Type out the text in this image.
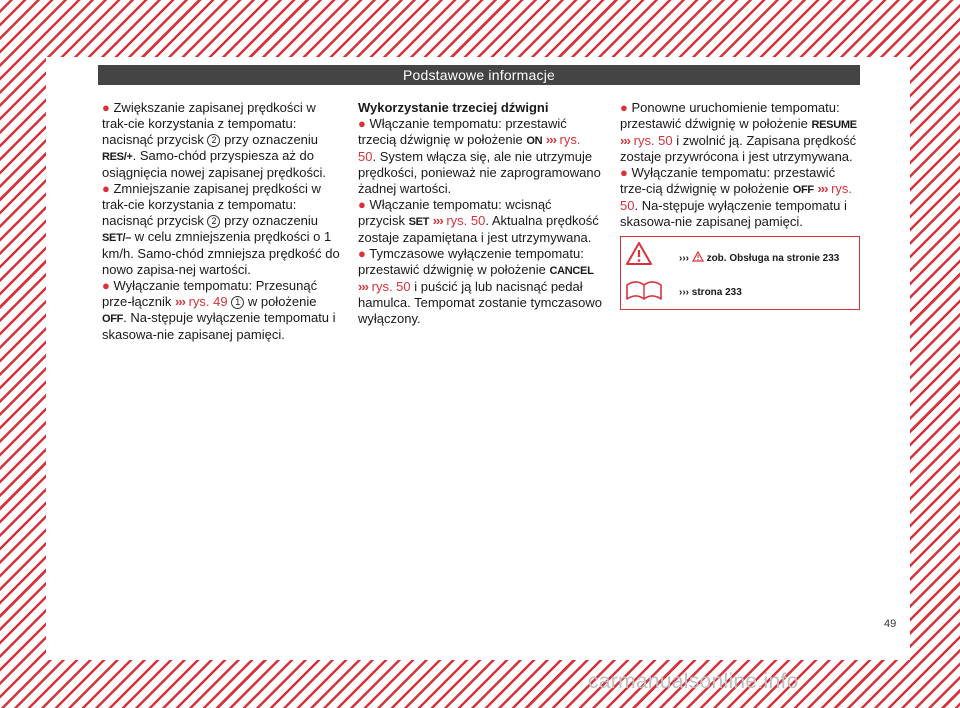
Podstawowe informacje

● Zwiększanie zapisanej prędkości w trak-cie korzystania z tempomatu: nacisnąć przycisk 2 przy oznaczeniu RES/+. Samo-chód przyspiesza aż do osiągnięcia nowej zapisanej prędkości.

● Zmniejszanie zapisanej prędkości w trak-cie korzystania z tempomatu: nacisnąć przycisk 2 przy oznaczeniu SET/– w celu zmniejszenia prędkości o 1 km/h. Samo-chód zmniejsza prędkość do nowo zapisa-nej wartości.

● Wyłączanie tempomatu: Przesunąć prze-łącznik ››› rys. 49 1 w położenie OFF. Na-stępuje wyłączenie tempomatu i skasowa-nie zapisanej pamięci.

Wykorzystanie trzeciej dźwigni

● Włączanie tempomatu: przestawić trzecią dźwignię w położenie ON ››› rys. 50. System włącza się, ale nie utrzymuje prędkości, ponieważ nie zaprogramowano żadnej wartości.

● Włączanie tempomatu: wcisnąć przycisk SET ››› rys. 50. Aktualna prędkość zostaje zapamiętana i jest utrzymywana.

● Tymczasowe wyłączenie tempomatu: przestawić dźwignię w położenie CANCEL ››› rys. 50 i puścić ją lub nacisnąć pedał hamulca. Tempomat zostanie tymczasowo wyłączony.

● Ponowne uruchomienie tempomatu: przestawić dźwignię w położenie RESUME ››› rys. 50 i zwolnić ją. Zapisana prędkość zostaje przywrócona i jest utrzymywana.

● Wyłączanie tempomatu: przestawić trze-cią dźwignię w położenie OFF ››› rys. 50. Na-stępuje wyłączenie tempomatu i skasowa-nie zapisanej pamięci.

››› zob. Obsługa na stronie 233
››› strona 233
49
carmanualsonline.info
